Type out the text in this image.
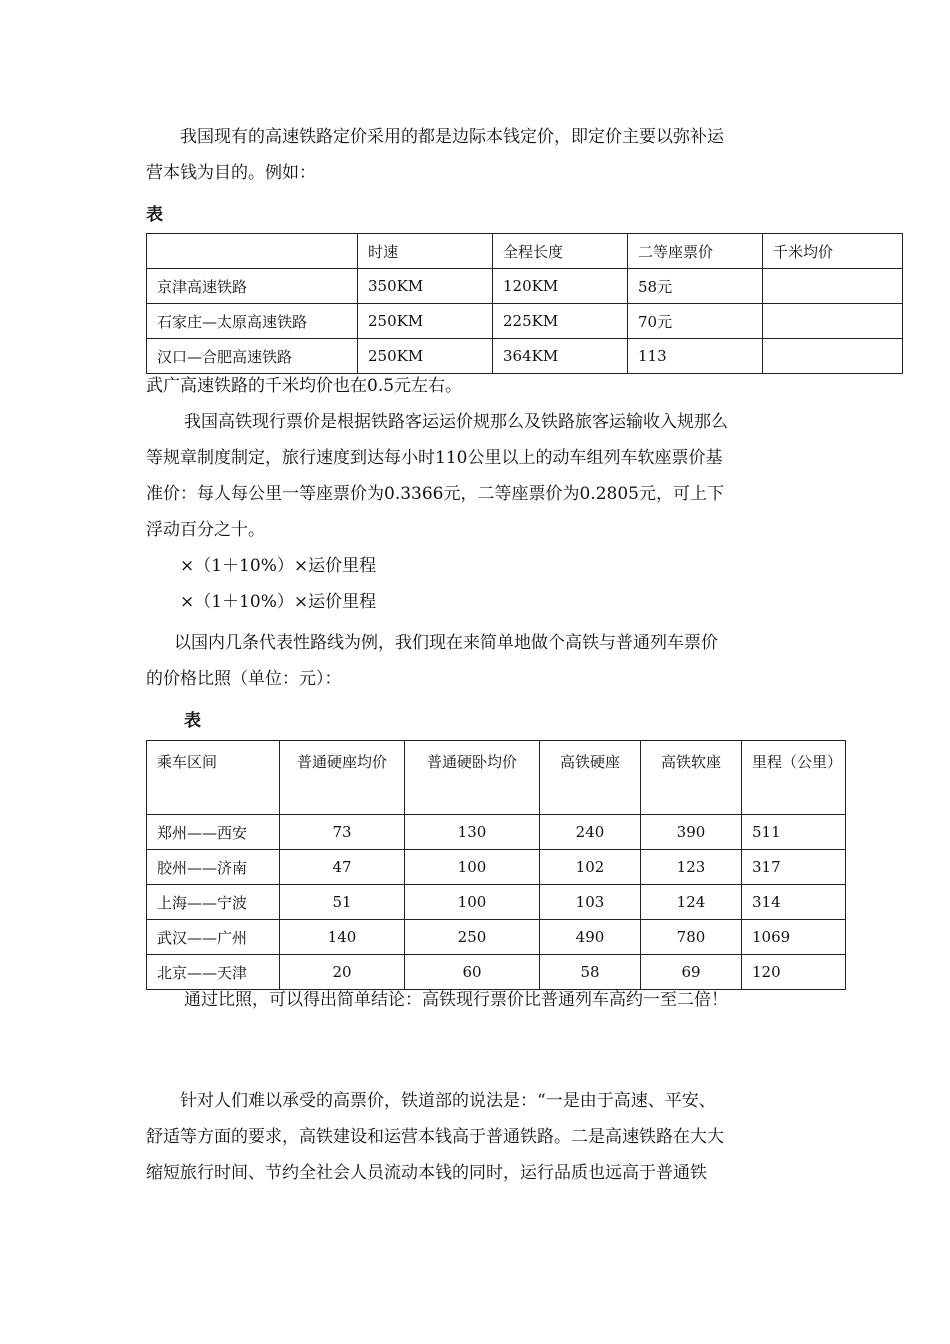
我国现有的高速铁路定价采用的都是边际本钱定价，即定价主要以弥补运
营本钱为目的。例如：
表
	时速	全程长度	二等座票价	千米均价
京津高速铁路	350KM	120KM	58元	
石家庄—太原高速铁路	250KM	225KM	70元	
汉口—合肥高速铁路	250KM	364KM	113	
武广高速铁路的千米均价也在0.5元左右。
我国高铁现行票价是根据铁路客运运价规那么及铁路旅客运输收入规那么
等规章制度制定，旅行速度到达每小时110公里以上的动车组列车软座票价基
准价：每人每公里一等座票价为0.3366元，二等座票价为0.2805元，可上下
浮动百分之十。
×（1＋10%）×运价里程
×（1＋10%）×运价里程
以国内几条代表性路线为例，我们现在来简单地做个高铁与普通列车票价
的价格比照（单位：元）：
表
乘车区间	普通硬座均价	普通硬卧均价	高铁硬座	高铁软座	里程（公里）
郑州——西安	73	130	240	390	511
胶州——济南	47	100	102	123	317
上海——宁波	51	100	103	124	314
武汉——广州	140	250	490	780	1069
北京——天津	20	60	58	69	120
通过比照，可以得出简单结论：高铁现行票价比普通列车高约一至二倍！
针对人们难以承受的高票价，铁道部的说法是：“一是由于高速、平安、
舒适等方面的要求，高铁建设和运营本钱高于普通铁路。二是高速铁路在大大
缩短旅行时间、节约全社会人员流动本钱的同时，运行品质也远高于普通铁
